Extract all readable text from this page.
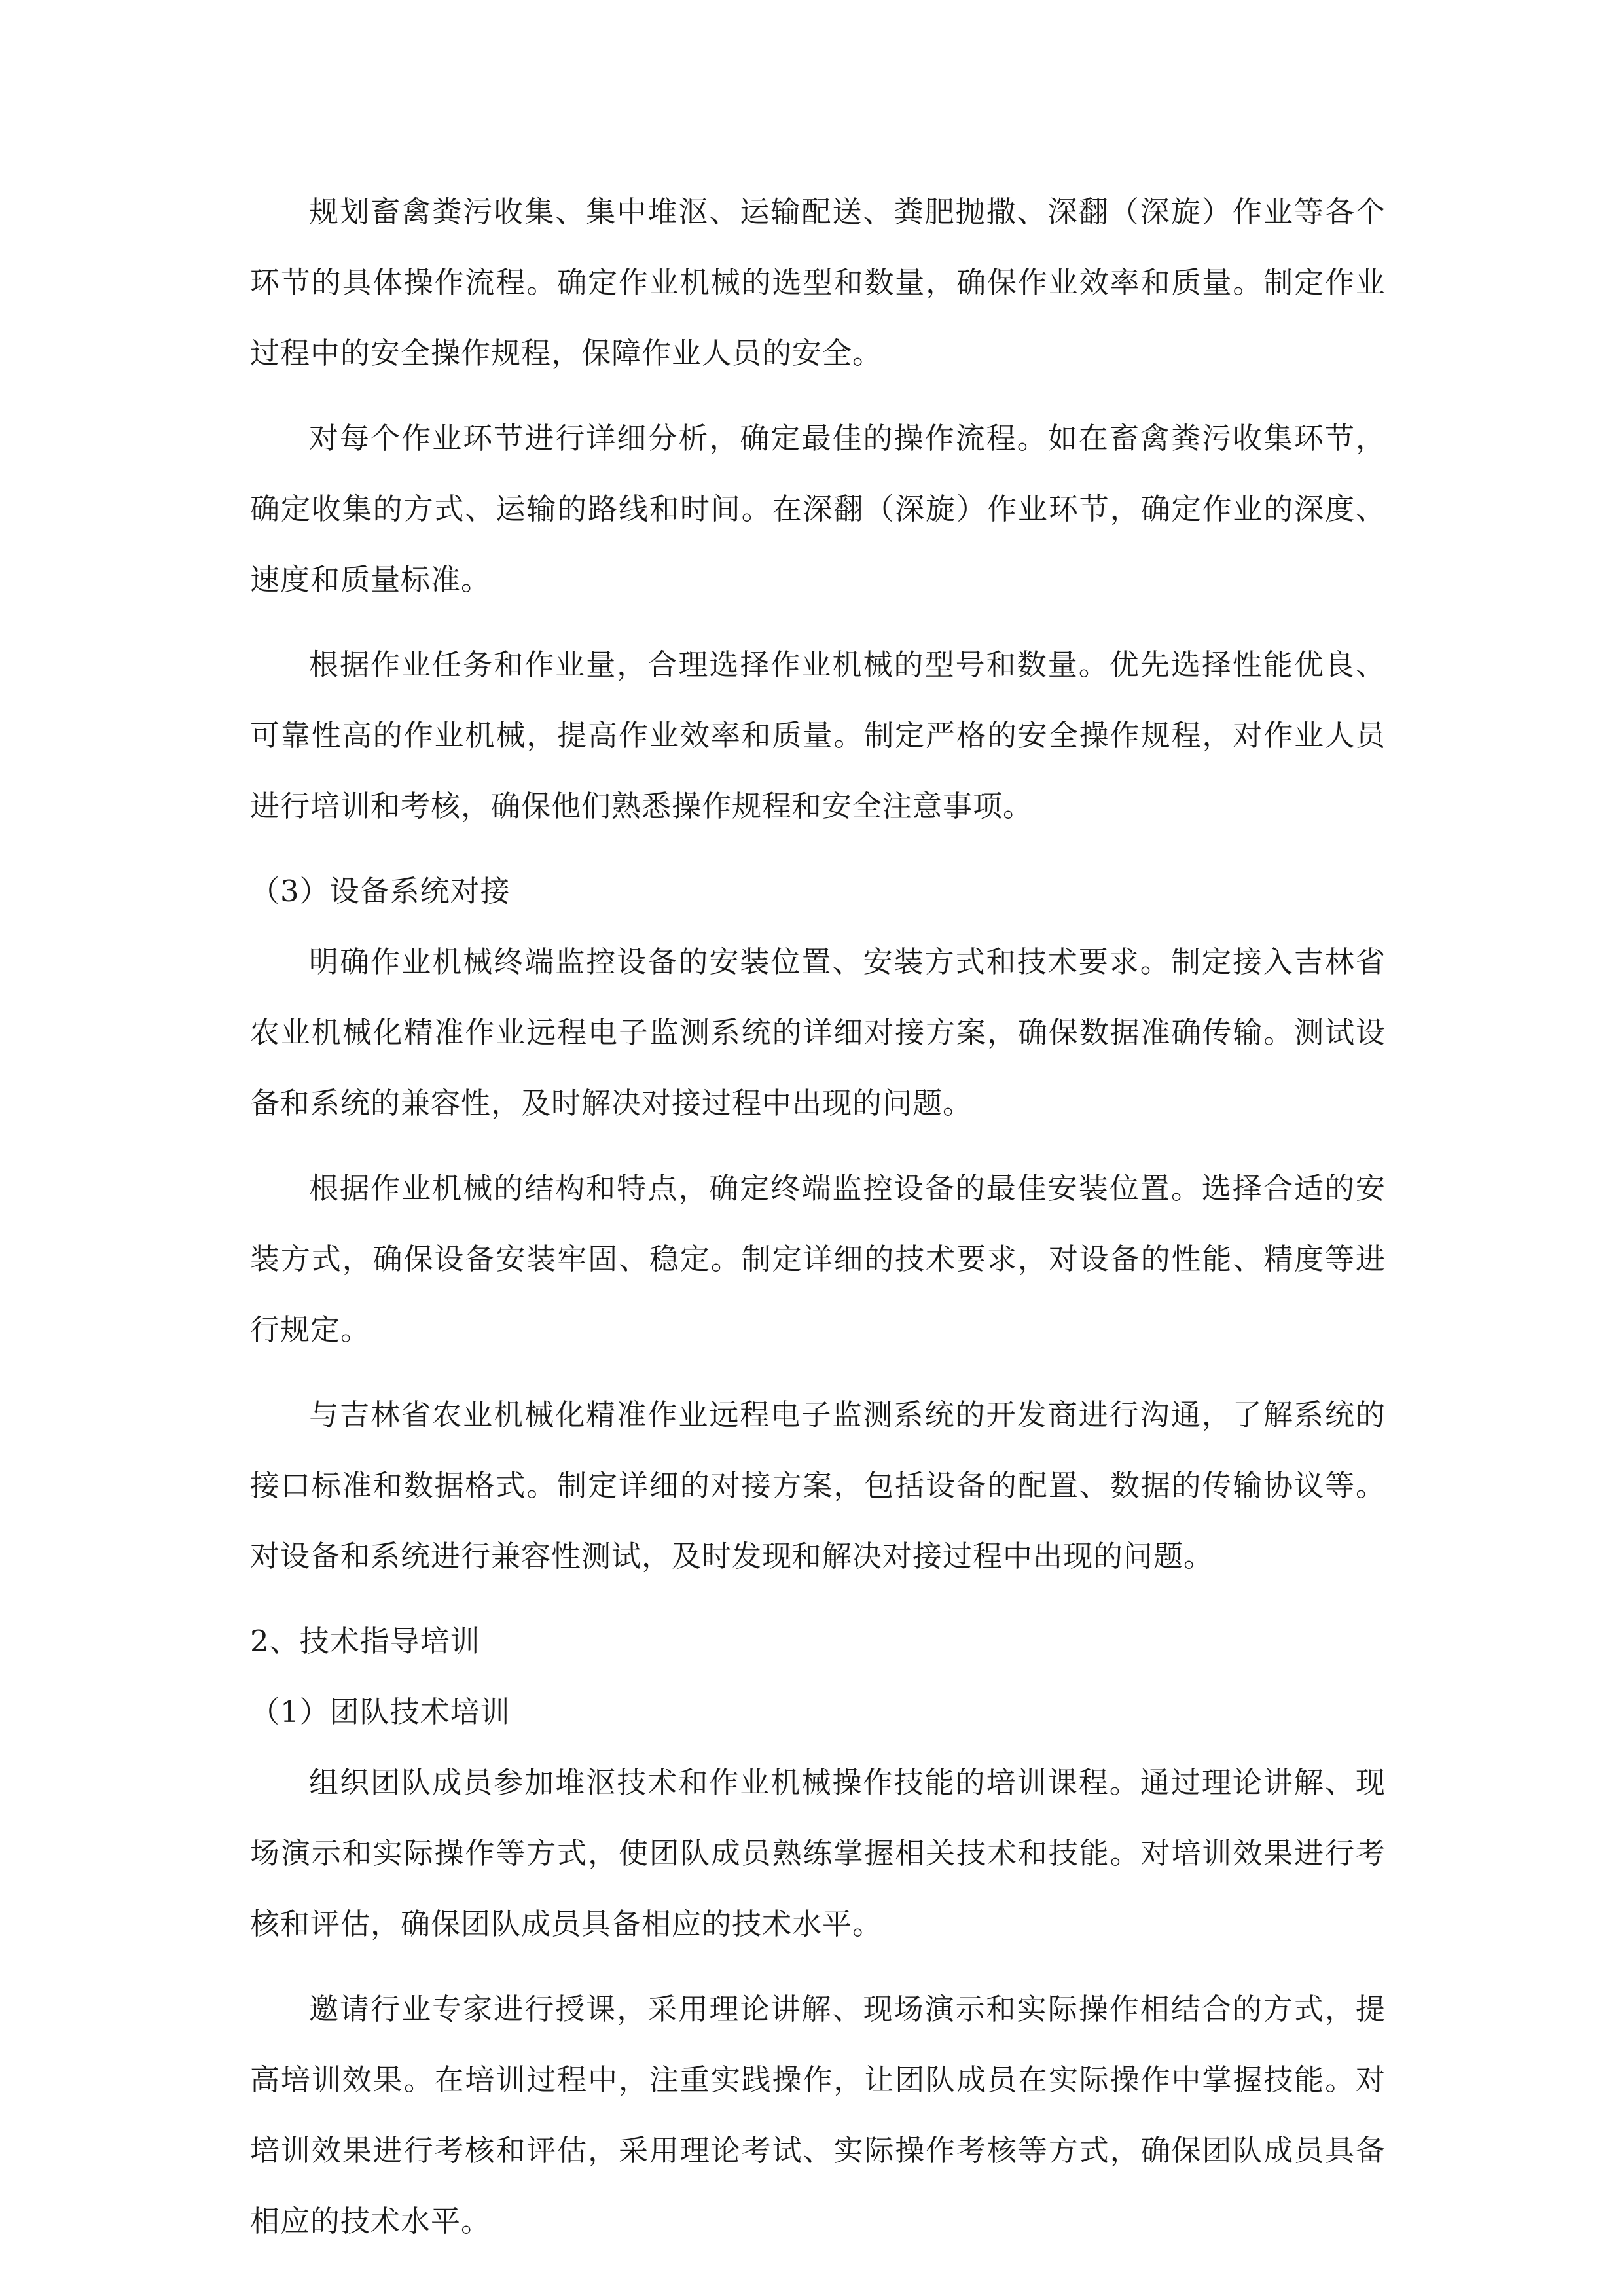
规划畜禽粪污收集、集中堆沤、运输配送、粪肥抛撒、深翻（深旋）作业等各个环节的具体操作流程。确定作业机械的选型和数量，确保作业效率和质量。制定作业过程中的安全操作规程，保障作业人员的安全。

对每个作业环节进行详细分析，确定最佳的操作流程。如在畜禽粪污收集环节，确定收集的方式、运输的路线和时间。在深翻（深旋）作业环节，确定作业的深度、速度和质量标准。

根据作业任务和作业量，合理选择作业机械的型号和数量。优先选择性能优良、可靠性高的作业机械，提高作业效率和质量。制定严格的安全操作规程，对作业人员进行培训和考核，确保他们熟悉操作规程和安全注意事项。

（3）设备系统对接

明确作业机械终端监控设备的安装位置、安装方式和技术要求。制定接入吉林省农业机械化精准作业远程电子监测系统的详细对接方案，确保数据准确传输。测试设备和系统的兼容性，及时解决对接过程中出现的问题。

根据作业机械的结构和特点，确定终端监控设备的最佳安装位置。选择合适的安装方式，确保设备安装牢固、稳定。制定详细的技术要求，对设备的性能、精度等进行规定。

与吉林省农业机械化精准作业远程电子监测系统的开发商进行沟通，了解系统的接口标准和数据格式。制定详细的对接方案，包括设备的配置、数据的传输协议等。对设备和系统进行兼容性测试，及时发现和解决对接过程中出现的问题。

2、技术指导培训

（1）团队技术培训

组织团队成员参加堆沤技术和作业机械操作技能的培训课程。通过理论讲解、现场演示和实际操作等方式，使团队成员熟练掌握相关技术和技能。对培训效果进行考核和评估，确保团队成员具备相应的技术水平。

邀请行业专家进行授课，采用理论讲解、现场演示和实际操作相结合的方式，提高培训效果。在培训过程中，注重实践操作，让团队成员在实际操作中掌握技能。对培训效果进行考核和评估，采用理论考试、实际操作考核等方式，确保团队成员具备相应的技术水平。
